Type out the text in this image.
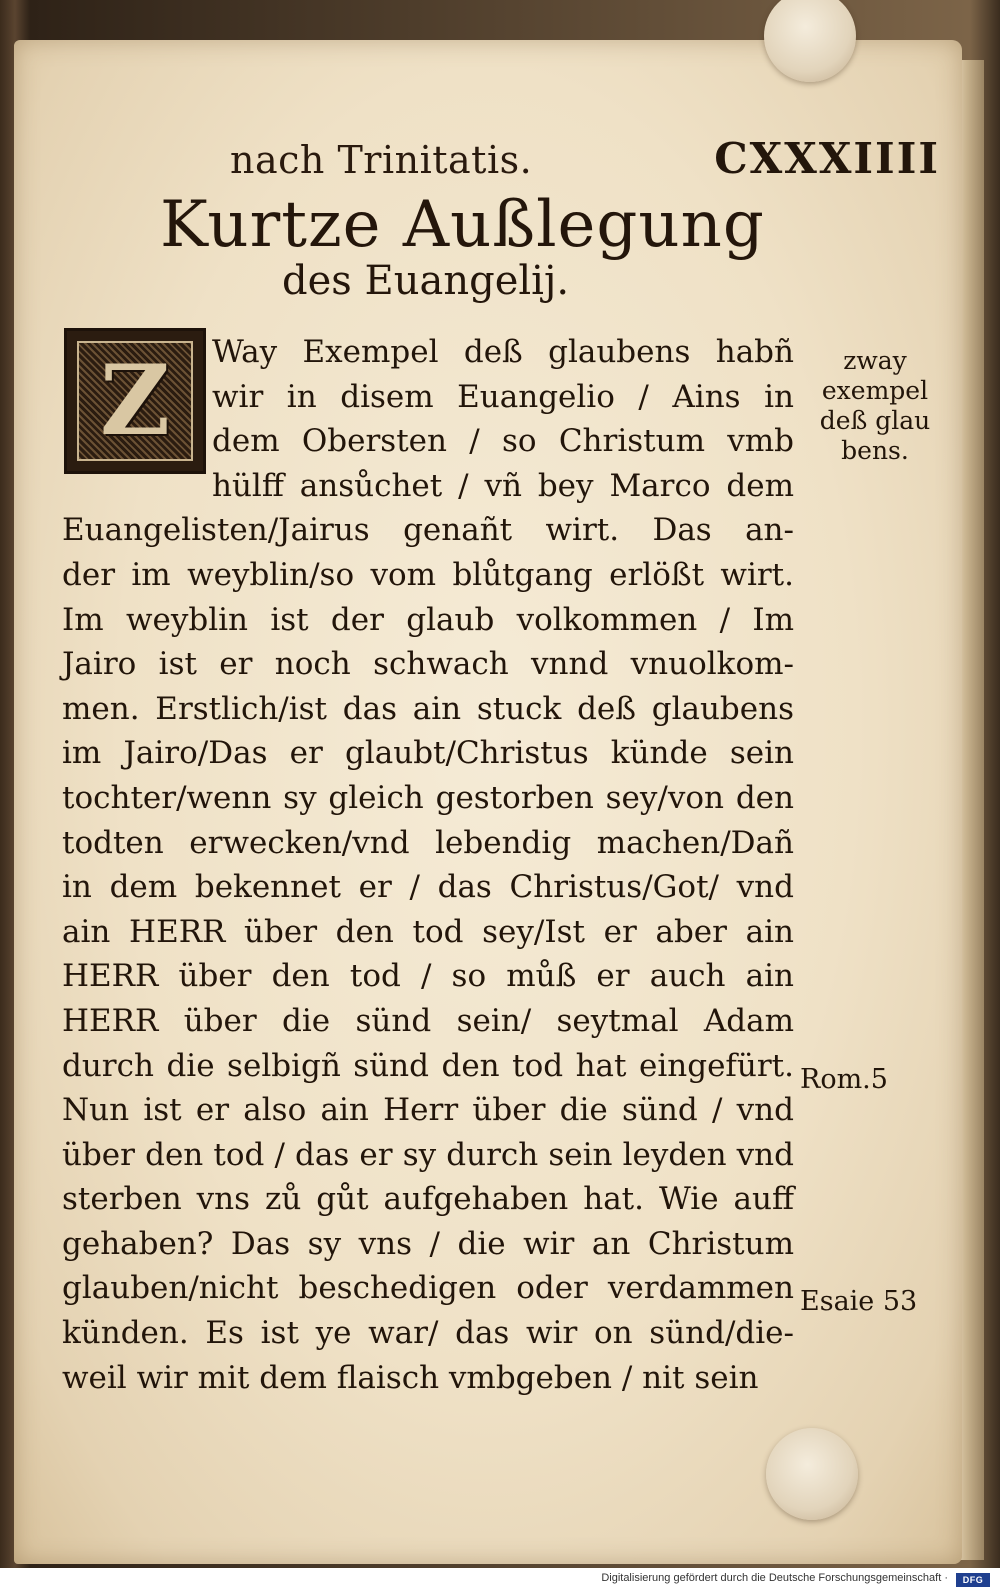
nach Trinitatis.	CXXXIIII
Kurtze Außlegung
des Euangelij.
Z	Way Exempel deß glaubens habñ
wir in disem Euangelio / Ains in
dem Obersten / so Christum vmb
hülff ansůchet / vñ bey Marco dem
Euangelisten/Jairus genañt wirt. Das an-
der im weyblin/so vom blůtgang erlößt wirt.
Im weyblin ist der glaub volkommen / Im
Jairo ist er noch schwach vnnd vnuolkom-
men. Erstlich/ist das ain stuck deß glaubens
im Jairo/Das er glaubt/Christus künde sein
tochter/wenn sy gleich gestorben sey/von den
todten erwecken/vnd lebendig machen/Dañ
in dem bekennet er / das Christus/Got/ vnd
ain HERR über den tod sey/Ist er aber ain
HERR über den tod / so můß er auch ain
HERR über die sünd sein/ seytmal Adam
durch die selbigñ sünd den tod hat eingefürt.
Nun ist er also ain Herr über die sünd / vnd
über den tod / das er sy durch sein leyden vnd
sterben vns zů gůt aufgehaben hat. Wie auff
gehaben? Das sy vns / die wir an Christum
glauben/nicht beschedigen oder verdammen
künden. Es ist ye war/ das wir on sünd/die-
weil wir mit dem flaisch vmbgeben / nit sein
zway
exempel
deß glau
bens.
Rom.5
Esaie 53
Digitalisierung gefördert durch die Deutsche Forschungsgemeinschaft ·	DFG
